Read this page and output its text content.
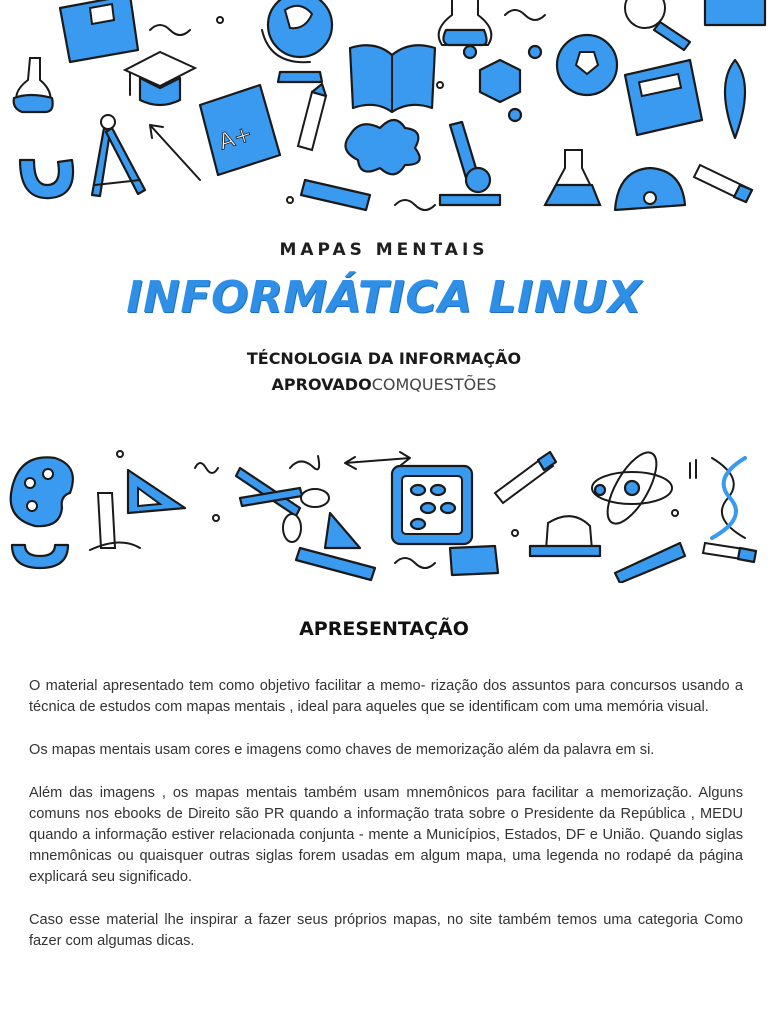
A+
MAPAS MENTAIS
INFORMÁTICA LINUX
TÉCNOLOGIA DA INFORMAÇÃO
APROVADOCOMQUESTÕES
APRESENTAÇÃO

O material apresentado tem como objetivo facilitar a memo- rização dos assuntos para concursos usando a técnica de estudos com mapas mentais , ideal para aqueles que se identificam com uma memória visual.

Os mapas mentais usam cores e imagens como chaves de memorização além da palavra em si.

Além das imagens , os mapas mentais também usam mnemônicos para facilitar a memorização. Alguns comuns nos ebooks de Direito são PR quando a informação trata sobre o Presidente da República , MEDU quando a informação estiver relacionada conjunta - mente a Municípios, Estados, DF e União. Quando siglas mnemônicas ou quaisquer outras siglas forem usadas em algum mapa, uma legenda no rodapé da página explicará seu significado.

Caso esse material lhe inspirar a fazer seus próprios mapas, no site também temos uma categoria Como fazer com algumas dicas.
